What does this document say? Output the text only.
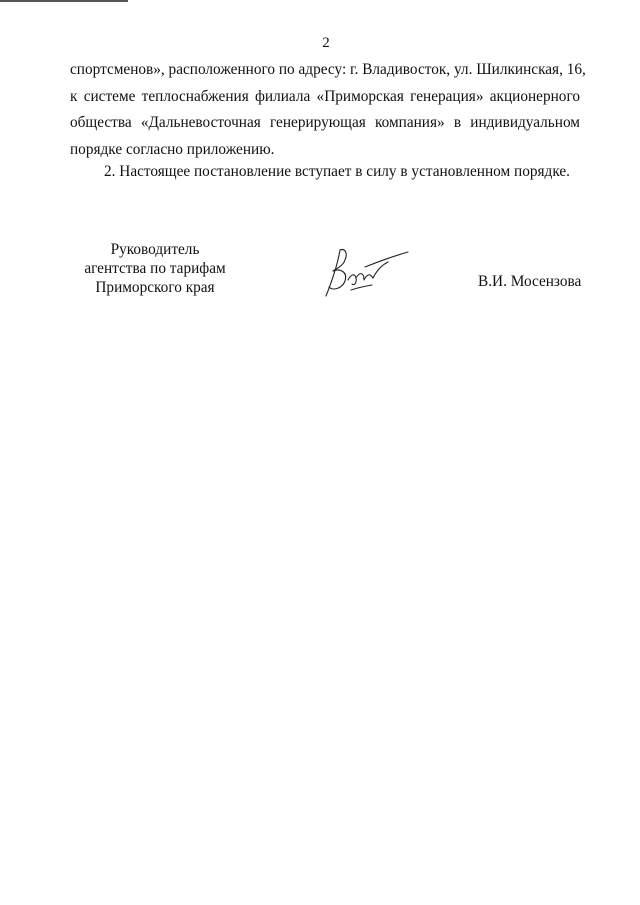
2
спортсменов», расположенного по адресу: г. Владивосток, ул. Шилкинская, 16,
к системе теплоснабжения филиала «Приморская генерация» акционерного
общества «Дальневосточная генерирующая компания» в индивидуальном
порядке согласно приложению.
2. Настоящее постановление вступает в силу в установленном порядке.
Руководитель
агентства по тарифам
Приморского края	В.И. Мосензова
